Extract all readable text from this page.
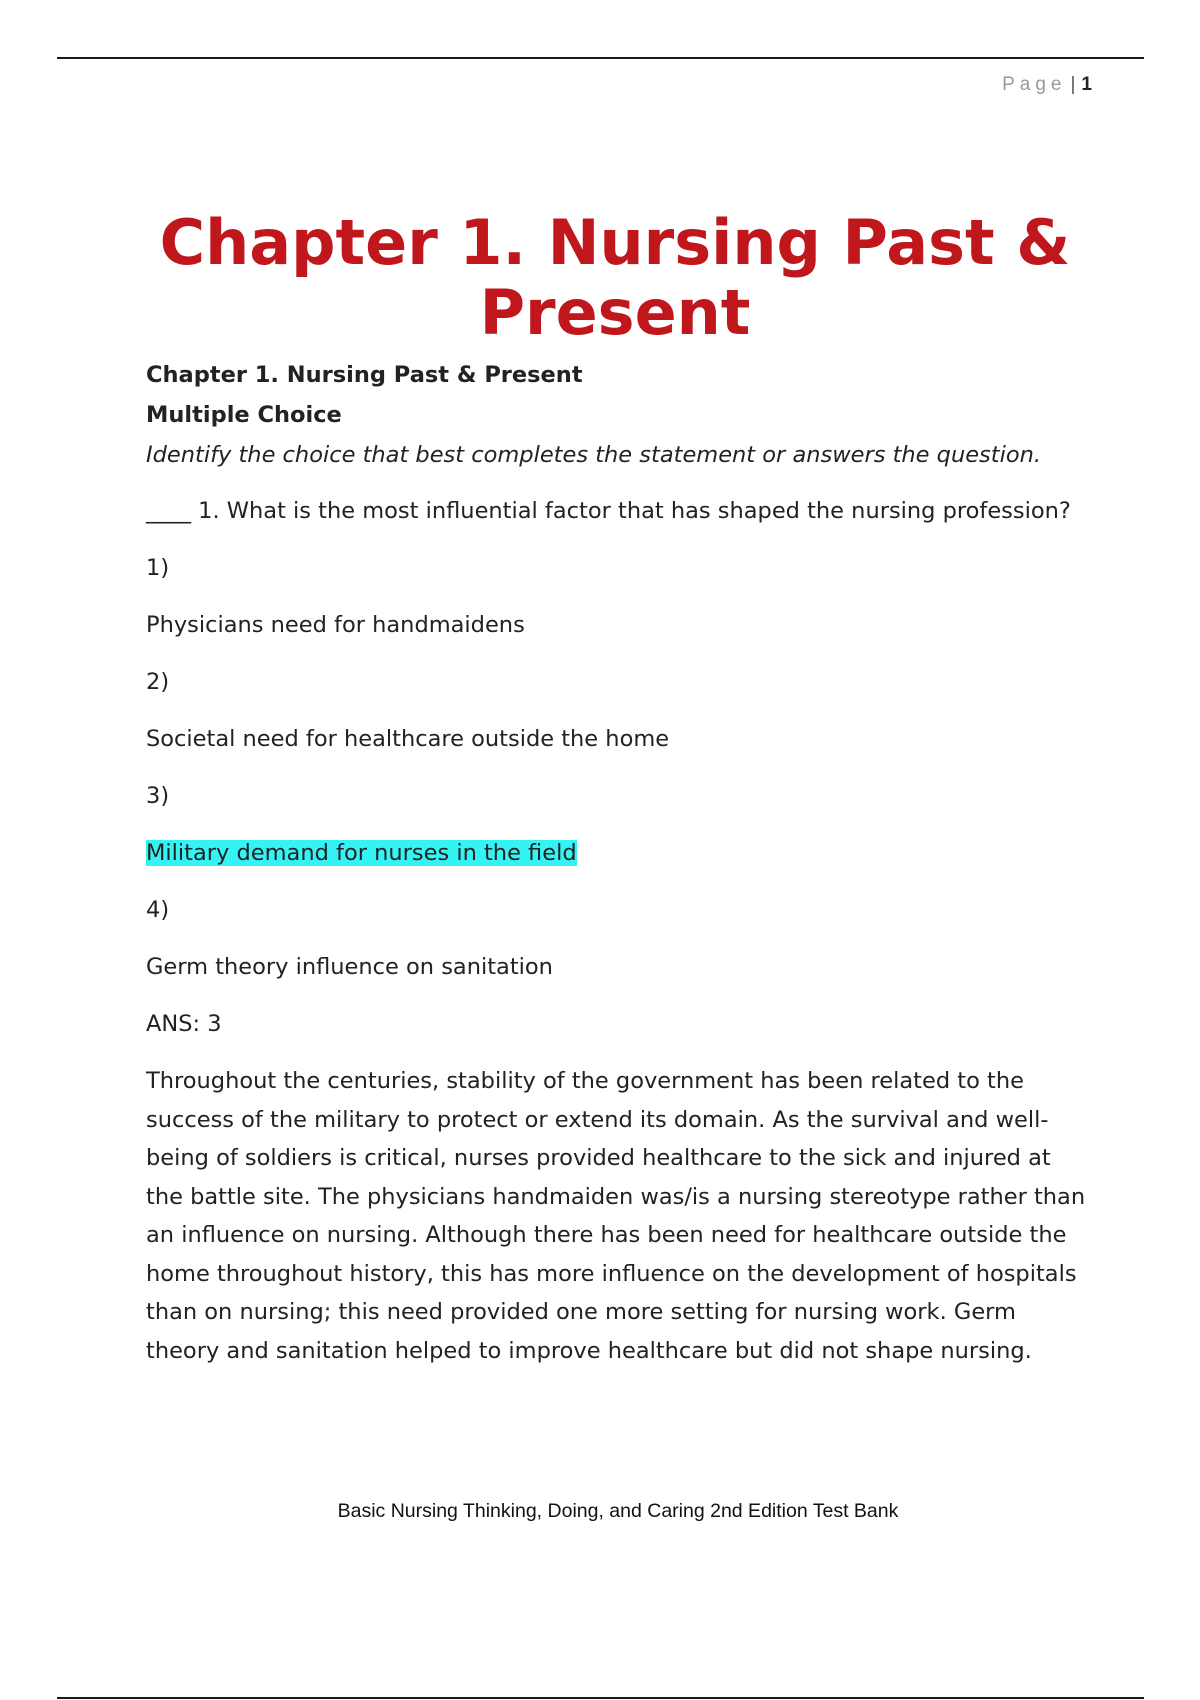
Page | 1
Chapter 1. Nursing Past & Present

Chapter 1. Nursing Past & Present

Multiple Choice

Identify the choice that best completes the statement or answers the question.

____ 1. What is the most influential factor that has shaped the nursing profession?

1)

Physicians need for handmaidens

2)

Societal need for healthcare outside the home

3)

Military demand for nurses in the field

4)

Germ theory influence on sanitation

ANS: 3

Throughout the centuries, stability of the government has been related to the success of the military to protect or extend its domain. As the survival and well-being of soldiers is critical, nurses provided healthcare to the sick and injured at the battle site. The physicians handmaiden was/is a nursing stereotype rather than an influence on nursing. Although there has been need for healthcare outside the home throughout history, this has more influence on the development of hospitals than on nursing; this need provided one more setting for nursing work. Germ theory and sanitation helped to improve healthcare but did not shape nursing.

Basic Nursing Thinking, Doing, and Caring 2nd Edition Test Bank
